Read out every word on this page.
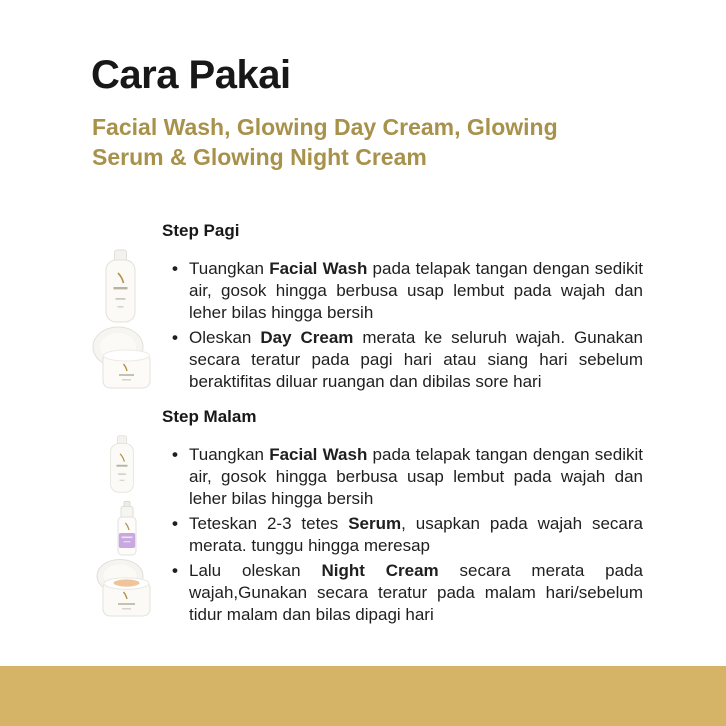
Cara Pakai
Facial Wash, Glowing Day Cream, Glowing
Serum & Glowing Night Cream
Step Pagi
• Tuangkan Facial Wash pada telapak tangan dengan sedikit air, gosok hingga berbusa usap lembut pada wajah dan leher bilas hingga bersih
• Oleskan Day Cream merata ke seluruh wajah. Gunakan secara teratur pada pagi hari atau siang hari sebelum beraktifitas diluar ruangan dan dibilas sore hari
Step Malam
• Tuangkan Facial Wash pada telapak tangan dengan sedikit air, gosok hingga berbusa usap lembut pada wajah dan leher bilas hingga bersih
• Teteskan 2-3 tetes Serum, usapkan pada wajah secara merata. tunggu hingga meresap
• Lalu oleskan Night Cream secara merata pada wajah,Gunakan secara teratur pada malam hari/sebelum tidur malam dan bilas dipagi hari
